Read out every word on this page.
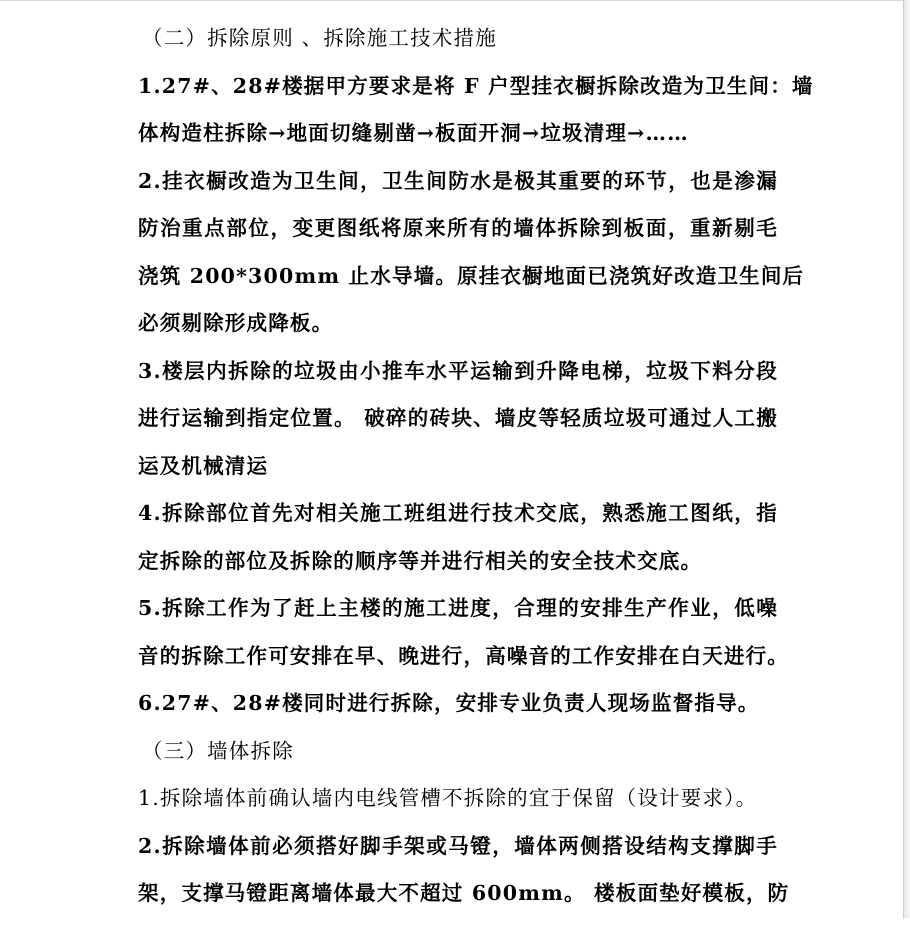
（二）拆除原则 、拆除施工技术措施
1.27#、28#楼据甲方要求是将 F 户型挂衣橱拆除改造为卫生间：墙
体构造柱拆除→地面切缝剔凿→板面开洞→垃圾清理→……
2.挂衣橱改造为卫生间，卫生间防水是极其重要的环节，也是渗漏
防治重点部位，变更图纸将原来所有的墙体拆除到板面，重新剔毛
浇筑 200*300mm 止水导墙。原挂衣橱地面已浇筑好改造卫生间后
必须剔除形成降板。
3.楼层内拆除的垃圾由小推车水平运输到升降电梯，垃圾下料分段
进行运输到指定位置。 破碎的砖块、墙皮等轻质垃圾可通过人工搬
运及机械清运
4.拆除部位首先对相关施工班组进行技术交底，熟悉施工图纸，指
定拆除的部位及拆除的顺序等并进行相关的安全技术交底。
5.拆除工作为了赶上主楼的施工进度，合理的安排生产作业，低噪
音的拆除工作可安排在早、晚进行，高噪音的工作安排在白天进行。
6.27#、28#楼同时进行拆除，安排专业负责人现场监督指导。
（三）墙体拆除
1.拆除墙体前确认墙内电线管槽不拆除的宜于保留（设计要求）。
2.拆除墙体前必须搭好脚手架或马镫，墙体两侧搭设结构支撑脚手
架，支撑马镫距离墙体最大不超过 600mm。 楼板面垫好模板，防
